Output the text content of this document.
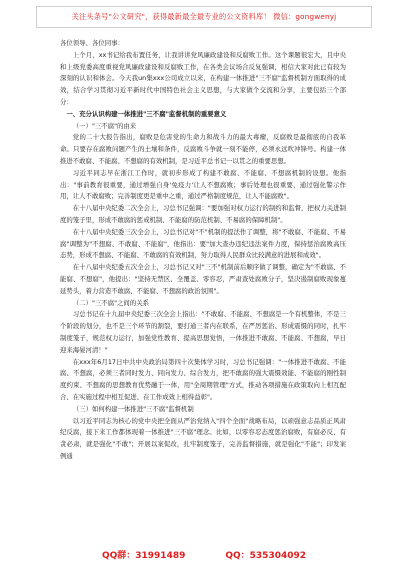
关注头条号"公文研究"，获得最新最全最专业的公文资料库！ 微信：gongwenyj

各位领导、各位同事：

上个月，xx书记给我布置任务，让我讲讲党风廉政建设和反腐败工作。这个课题很宏大，且中央和上级党委高度重视党风廉政建设和反腐败工作，在各类会议场合反复强调，相信大家对此已有较为深刻的认识和体会。今天我un集xxx公司成立以来，在构建一体推进"三不腐"监督机制方面取得的成效，结合学习贯彻习近平新时代中国特色社会主义思想，与大家做个交流和分享，主要包括三个部分：

一、充分认识构建一体推进"三不腐"监督机制的重要意义

（一）"三不腐"的由来

党的二十大报告指出，腐败是危害党的生命力和战斗力的最大毒瘤，反腐败是最彻底的自我革命。只要存在腐败问题产生的土壤和条件，反腐败斗争就一刻不能停，必须永远吹冲锋号。构建一体推进不敢腐、不能腐、不想腐的有效机制，是习近平总书记一以贯之的重要思想。

习近平同志早在浙江工作时，就初步形成了构建不敢腐、不能腐、不想腐机制的设想。他指出："事前教育很重要，通过增强自身'免疫力'让人不想腐败；事后处理也很重要，通过强化警示作用，让人不敢腐败；完善制度更是重中之重，通过严格制度规范，让人不能腐败"。

在十八届中央纪委二次全会上，习总书记强调："要加强对权力运行的制约和监督，把权力关进制度的笼子里，形成不敢腐的惩戒机制、不能腐的防范机制、不易腐的保障机制"。

在十八届中央纪委三次全会上，习总书记对"不"机制的提法作了调整，将"不敢腐、不能腐、不易腐"调整为"不想腐、不敢腐、不能腐"，他指出：要"加大查办违纪违法案件力度，保持惩治腐败高压态势，形成不想腐、不能腐、不敢腐的有效机制，努力取得人民群众比较满意的进展和成效"。

在十八届中央纪委五次全会上，习总书记又对"三不"机制前后顺序做了调整，确定为"不敢腐、不能腐、不想腐"，他提出："坚持无禁区、全覆盖、零容忍，严肃查处腐败分子，坚决遏制腐败现象蔓延势头，着力营造不敢腐、不能腐、不想腐的政治氛围"。

（二）"三不腐"之间的关系

习总书记在十九届中央纪委三次全会上指出："不敢腐、不能腐、不想腐是一个有机整体，不是三个阶段的划分，也不是三个环节的割裂，要打通三者内在联系，在严厉惩治、形成震慑的同时，扎牢制度笼子，规范权力运行，加强党性教育、提高思想觉悟，一体推进不敢腐、不能腐、不想腐，早日迎来海晏河清！"

在xxx年6月17日中共中央政治局第四十次集体学习时，习总书记强调："一体推进不敢腐、不能腐、不想腐，必须三者同时发力、同向发力、综合发力，把不敢腐的强大震慑效能、不能腐的刚性制度约束、不想腐的思想教育优势融于一体，用"全周期管理"方式，推动各项措施在政策取向上相互配合、在实施过程中相互促进、在工作成效上相得益彰"。

（三）如何构建一体推进"三不腐"监督机制

以习近平同志为核心的党中央把全面从严治党纳入"四个全面"战略布局，以顽强意志品质正风肃纪反腐，接下来工作都体现着一体推进"三不腐"理念。比如，以零容忍态度惩治腐败，有腐必反、有贪必肃，就是强化"不敢"；开展以案促改，扎牢制度笼子，完善监督措施，就是强化"不能"；印发案例通

QQ群：31991489	QQ：535304092
